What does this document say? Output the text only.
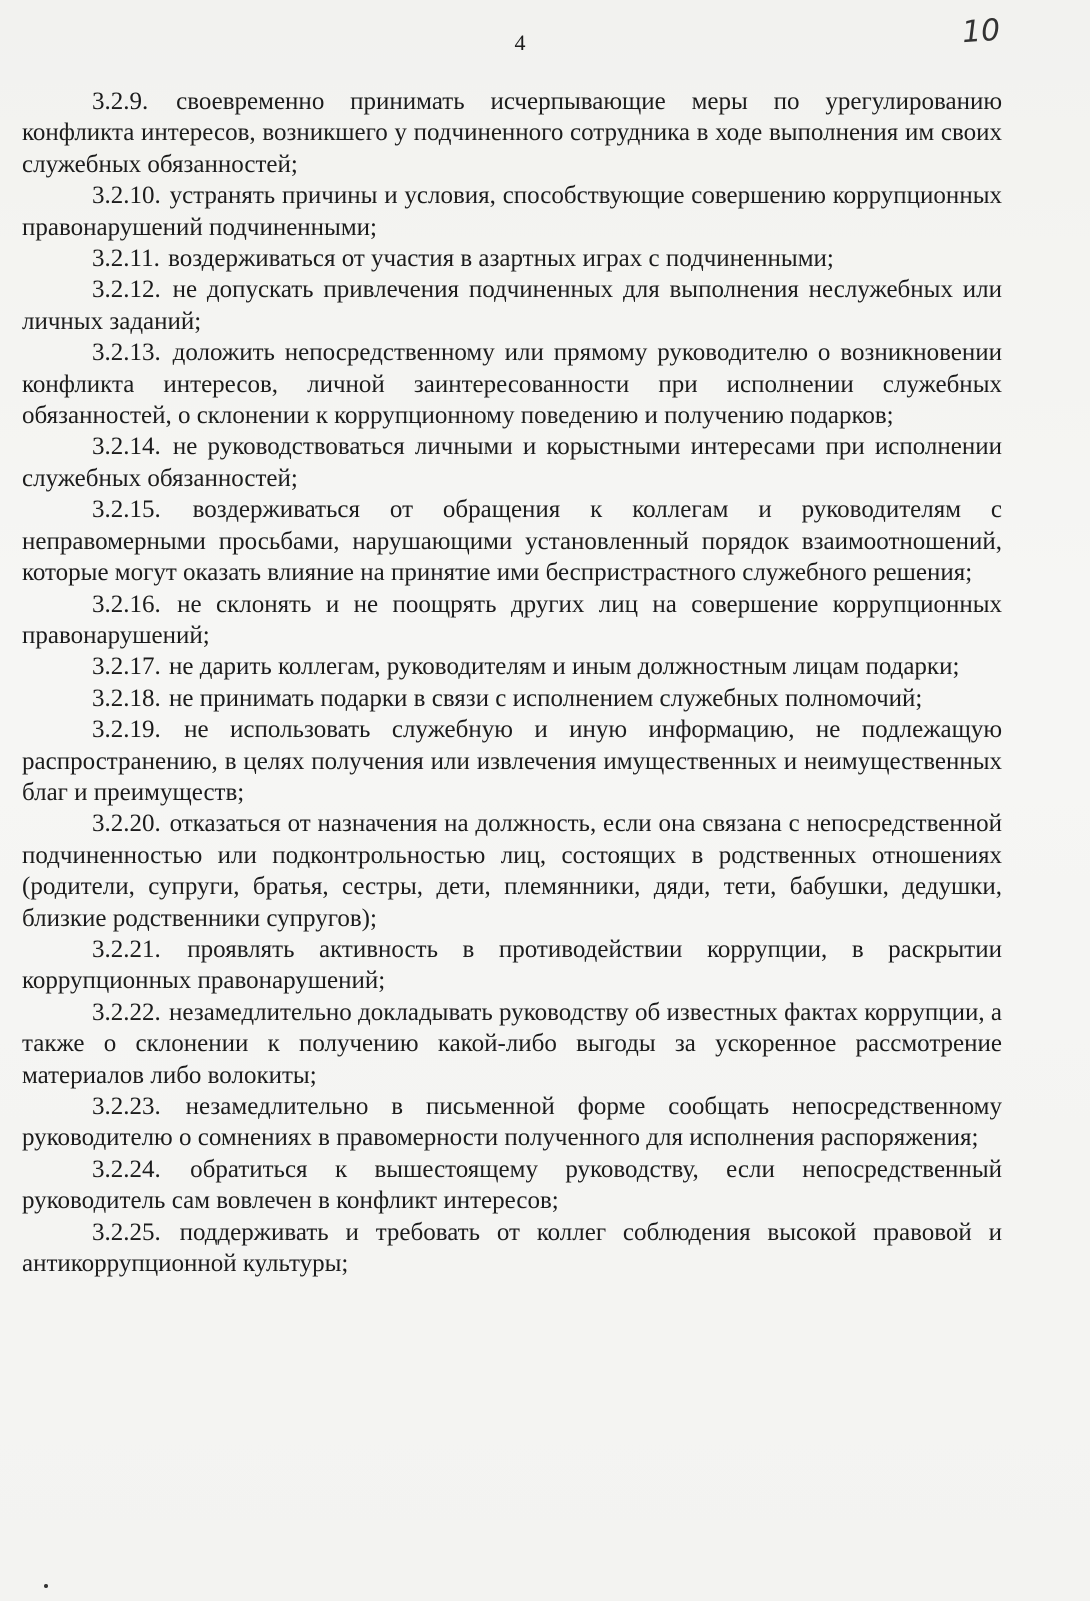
4	10

3.2.9. своевременно принимать исчерпывающие меры по урегулированию конфликта интересов, возникшего у подчиненного сотрудника в ходе выполнения им своих служебных обязанностей;

3.2.10. устранять причины и условия, способствующие совершению коррупционных правонарушений подчиненными;

3.2.11. воздерживаться от участия в азартных играх с подчиненными;

3.2.12. не допускать привлечения подчиненных для выполнения неслужебных или личных заданий;

3.2.13. доложить непосредственному или прямому руководителю о возникновении конфликта интересов, личной заинтересованности при исполнении служебных обязанностей, о склонении к коррупционному поведению и получению подарков;

3.2.14. не руководствоваться личными и корыстными интересами при исполнении служебных обязанностей;

3.2.15. воздерживаться от обращения к коллегам и руководителям с неправомерными просьбами, нарушающими установленный порядок взаимоотношений, которые могут оказать влияние на принятие ими беспристрастного служебного решения;

3.2.16. не склонять и не поощрять других лиц на совершение коррупционных правонарушений;

3.2.17. не дарить коллегам, руководителям и иным должностным лицам подарки;

3.2.18. не принимать подарки в связи с исполнением служебных полномочий;

3.2.19. не использовать служебную и иную информацию, не подлежащую распространению, в целях получения или извлечения имущественных и неимущественных благ и преимуществ;

3.2.20. отказаться от назначения на должность, если она связана с непосредственной подчиненностью или подконтрольностью лиц, состоящих в родственных отношениях (родители, супруги, братья, сестры, дети, племянники, дяди, тети, бабушки, дедушки, близкие родственники супругов);

3.2.21. проявлять активность в противодействии коррупции, в раскрытии коррупционных правонарушений;

3.2.22. незамедлительно докладывать руководству об известных фактах коррупции, а также о склонении к получению какой-либо выгоды за ускоренное рассмотрение материалов либо волокиты;

3.2.23. незамедлительно в письменной форме сообщать непосредственному руководителю о сомнениях в правомерности полученного для исполнения распоряжения;

3.2.24. обратиться к вышестоящему руководству, если непосредственный руководитель сам вовлечен в конфликт интересов;

3.2.25. поддерживать и требовать от коллег соблюдения высокой правовой и антикоррупционной культуры;
